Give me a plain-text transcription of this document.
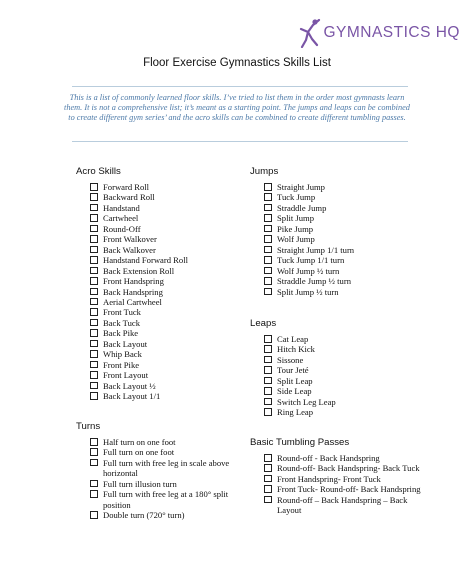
GYMNASTICS HQ
Floor Exercise Gymnastics Skills List
This is a list of commonly learned floor skills. I’ve tried to list them in the order most gymnasts learn them. It is not a comprehensive list; it’s meant as a starting point. The jumps and leaps can be combined to create different gym series’ and the acro skills can be combined to create different tumbling passes.
Acro Skills
Forward Roll
Backward Roll
Handstand
Cartwheel
Round-Off
Front Walkover
Back Walkover
Handstand Forward Roll
Back Extension Roll
Front Handspring
Back Handspring
Aerial Cartwheel
Front Tuck
Back Tuck
Back Pike
Back Layout
Whip Back
Front Pike
Front Layout
Back Layout ½
Back Layout 1/1
Turns
Half turn on one foot
Full turn on one foot
Full turn with free leg in scale above horizontal
Full turn illusion turn
Full turn with free leg at a 180° split position
Double turn (720° turn)
Jumps
Straight Jump
Tuck Jump
Straddle Jump
Split Jump
Pike Jump
Wolf Jump
Straight Jump 1/1 turn
Tuck Jump 1/1 turn
Wolf Jump ½ turn
Straddle Jump ½ turn
Split Jump ½ turn
Leaps
Cat Leap
Hitch Kick
Sissone
Tour Jeté
Split Leap
Side Leap
Switch Leg Leap
Ring Leap
Basic Tumbling Passes
Round-off - Back Handspring
Round-off- Back Handspring- Back Tuck
Front Handspring- Front Tuck
Front Tuck- Round-off- Back Handspring
Round-off – Back Handspring – Back Layout
